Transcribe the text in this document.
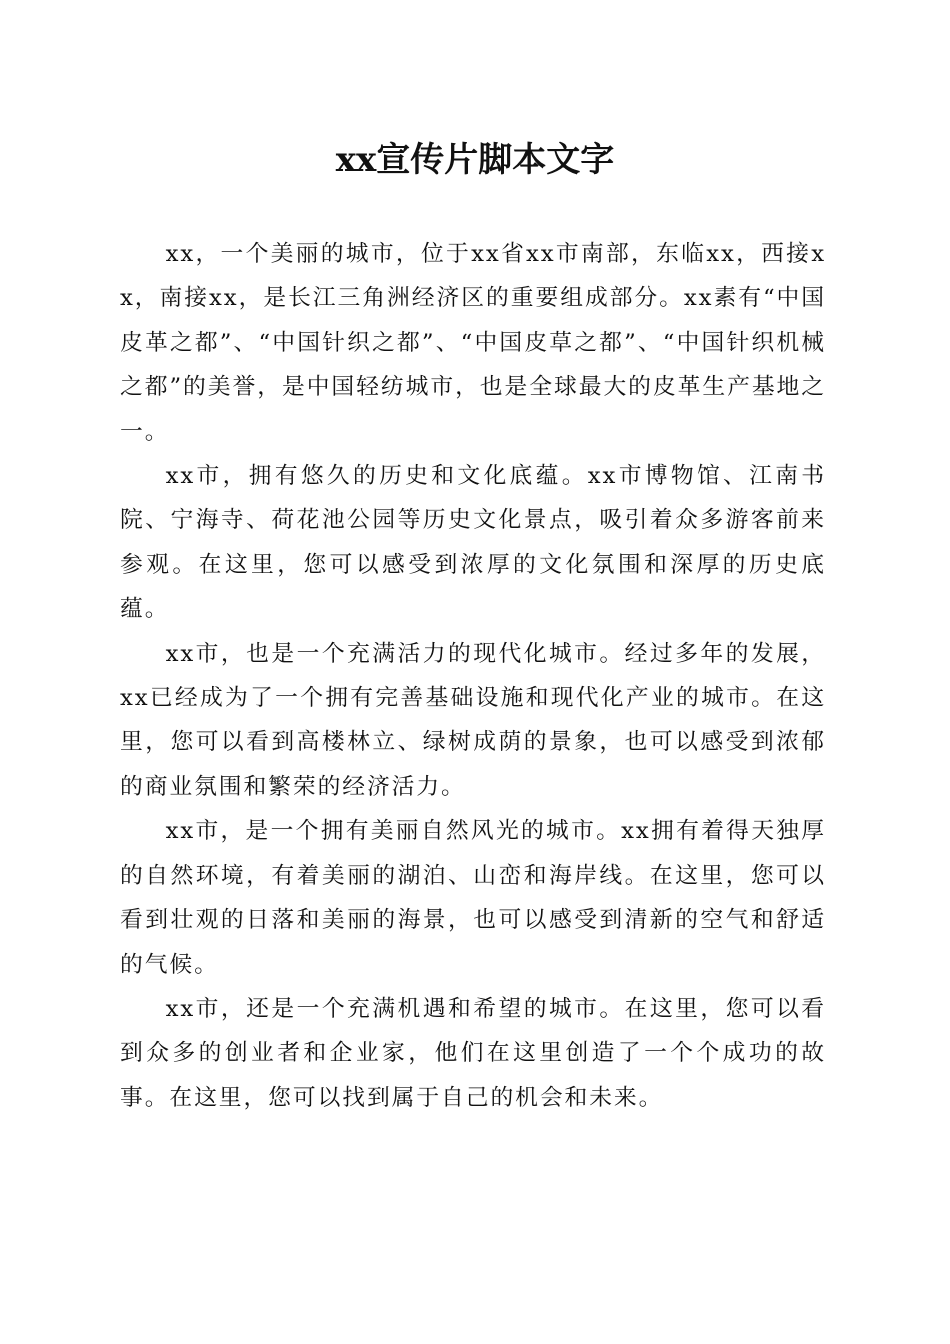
xx宣传片脚本文字

xx，一个美丽的城市，位于xx省xx市南部，东临xx，西接xx，南接xx，是长江三角洲经济区的重要组成部分。xx素有“中国皮革之都”、“中国针织之都”、“中国皮草之都”、“中国针织机械之都”的美誉，是中国轻纺城市，也是全球最大的皮革生产基地之一。

xx市，拥有悠久的历史和文化底蕴。xx市博物馆、江南书院、宁海寺、荷花池公园等历史文化景点，吸引着众多游客前来参观。在这里，您可以感受到浓厚的文化氛围和深厚的历史底蕴。

xx市，也是一个充满活力的现代化城市。经过多年的发展，xx已经成为了一个拥有完善基础设施和现代化产业的城市。在这里，您可以看到高楼林立、绿树成荫的景象，也可以感受到浓郁的商业氛围和繁荣的经济活力。

xx市，是一个拥有美丽自然风光的城市。xx拥有着得天独厚的自然环境，有着美丽的湖泊、山峦和海岸线。在这里，您可以看到壮观的日落和美丽的海景，也可以感受到清新的空气和舒适的气候。

xx市，还是一个充满机遇和希望的城市。在这里，您可以看到众多的创业者和企业家，他们在这里创造了一个个成功的故事。在这里，您可以找到属于自己的机会和未来。
